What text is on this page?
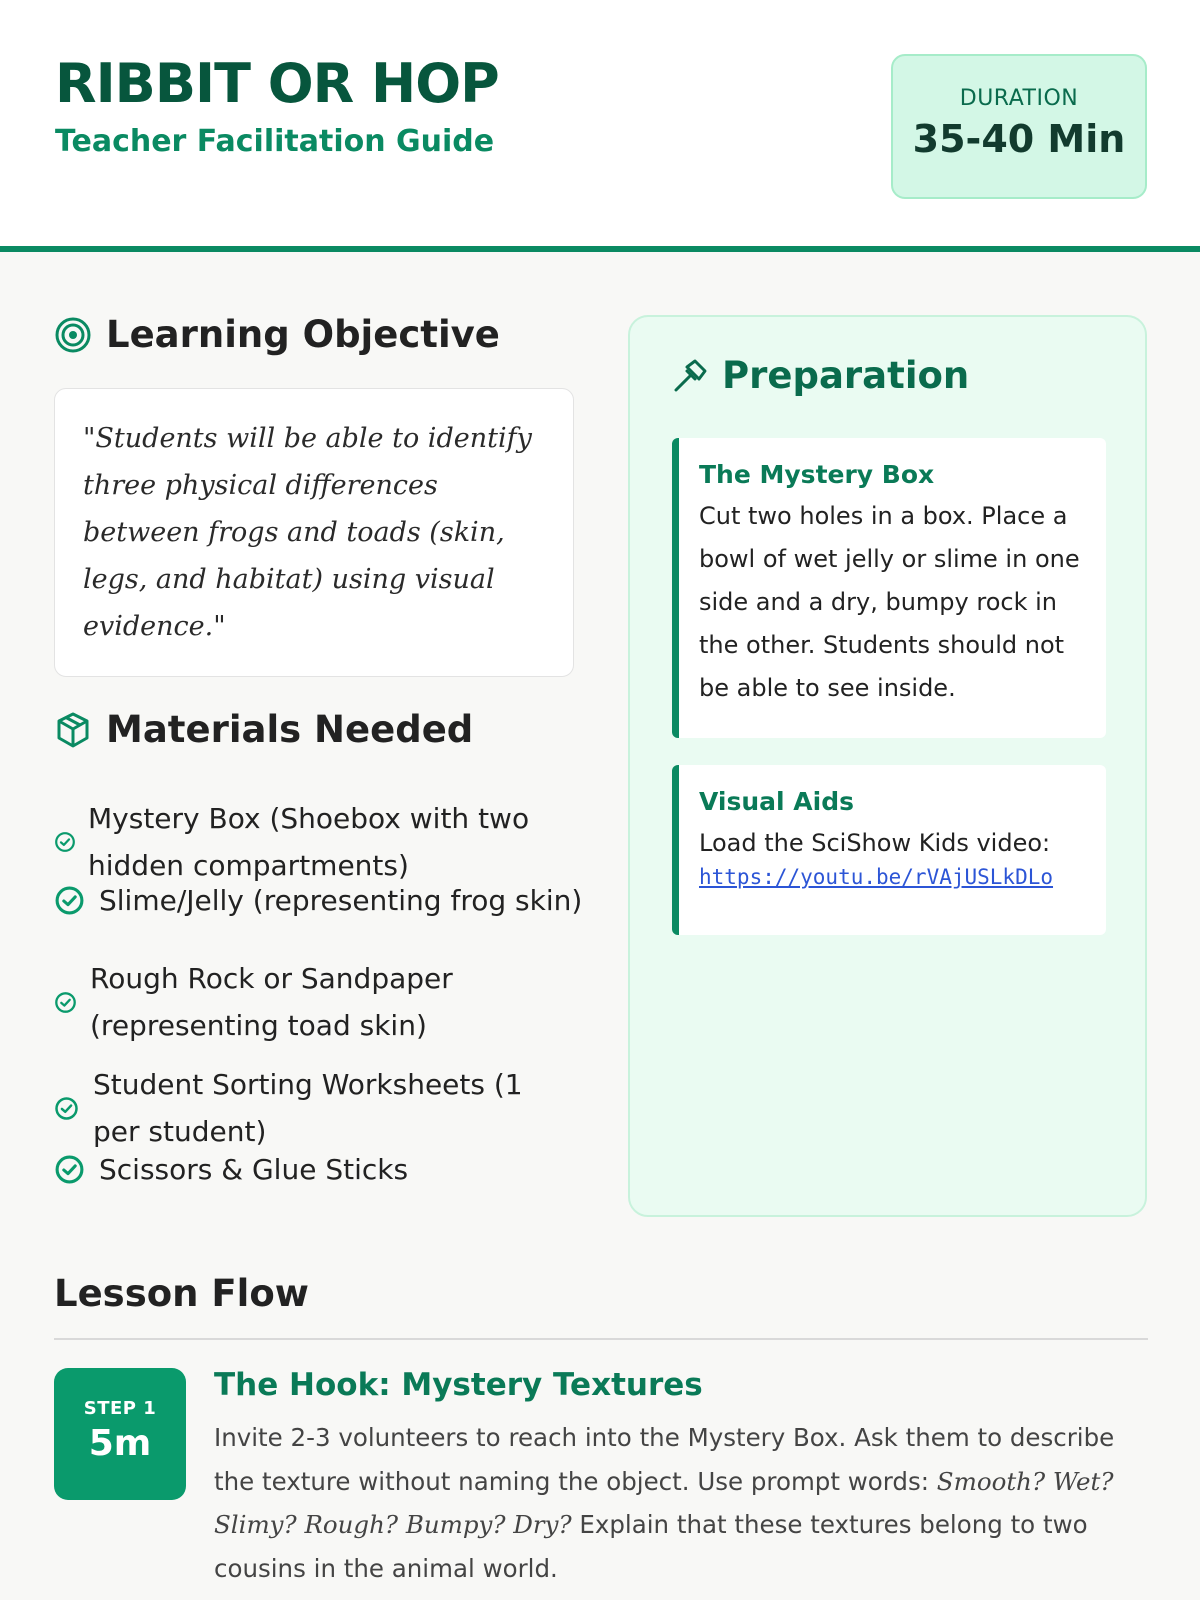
RIBBIT OR HOP

Teacher Facilitation Guide

DURATION
35-40 Min
Learning Objective

"Students will be able to identify three physical differences between frogs and toads (skin, legs, and habitat) using visual evidence."

Materials Needed
Mystery Box (Shoebox with two hidden compartments)
Slime/Jelly (representing frog skin)
Rough Rock or Sandpaper (representing toad skin)
Student Sorting Worksheets (1 per student)
Scissors & Glue Sticks
Preparation

The Mystery Box

Cut two holes in a box. Place a bowl of wet jelly or slime in one side and a dry, bumpy rock in the other. Students should not be able to see inside.

Visual Aids

Load the SciShow Kids video:

https://youtu.be/rVAjUSLkDLo
Lesson Flow
STEP 1
5m
The Hook: Mystery Textures

Invite 2-3 volunteers to reach into the Mystery Box. Ask them to describe the texture without naming the object. Use prompt words: Smooth? Wet? Slimy? Rough? Bumpy? Dry? Explain that these textures belong to two cousins in the animal world.
